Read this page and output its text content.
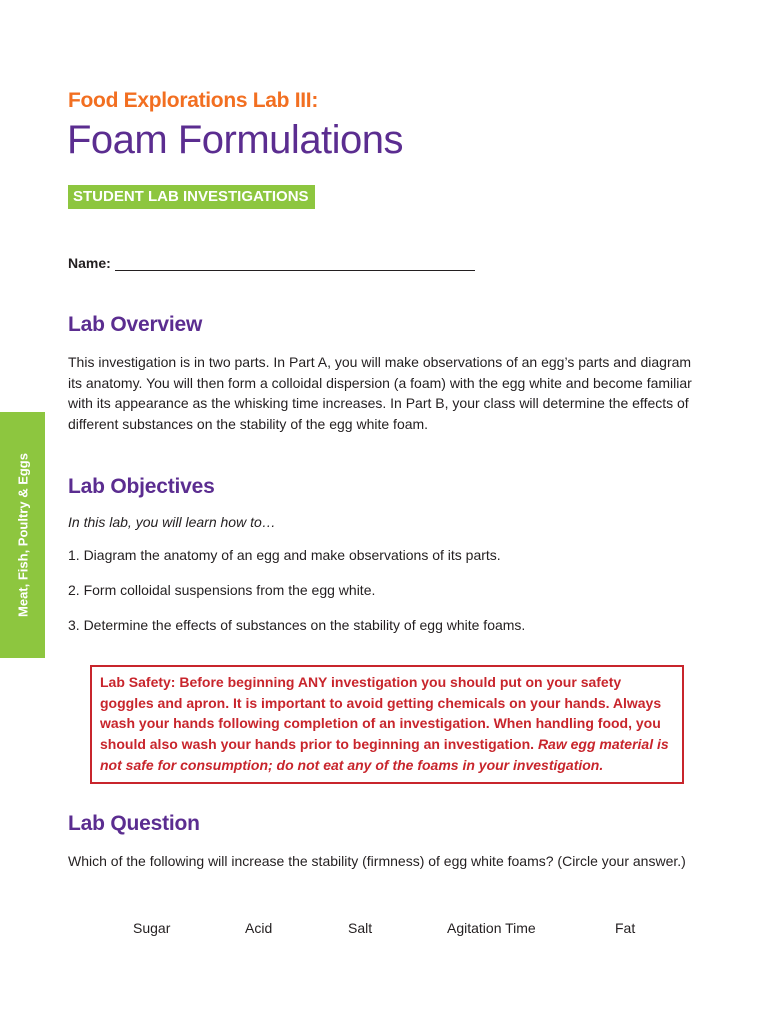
Meat, Fish, Poultry & Eggs
Food Explorations Lab III:
Foam Formulations
STUDENT LAB INVESTIGATIONS
Name:
Lab Overview

This investigation is in two parts. In Part A, you will make observations of an egg’s parts and diagram its anatomy. You will then form a colloidal dispersion (a foam) with the egg white and become familiar with its appearance as the whisking time increases. In Part B, your class will determine the effects of different substances on the stability of the egg white foam.

Lab Objectives

In this lab, you will learn how to…

1. Diagram the anatomy of an egg and make observations of its parts.

2. Form colloidal suspensions from the egg white.

3. Determine the effects of substances on the stability of egg white foams.

Lab Safety: Before beginning ANY investigation you should put on your safety goggles and apron. It is important to avoid getting chemicals on your hands. Always wash your hands following completion of an investigation. When handling food, you should also wash your hands prior to beginning an investigation. Raw egg material is not safe for consumption; do not eat any of the foams in your investigation.
Lab Question

Which of the following will increase the stability (firmness) of egg white foams? (Circle your answer.)

Sugar	Acid	Salt	Agitation Time	Fat
